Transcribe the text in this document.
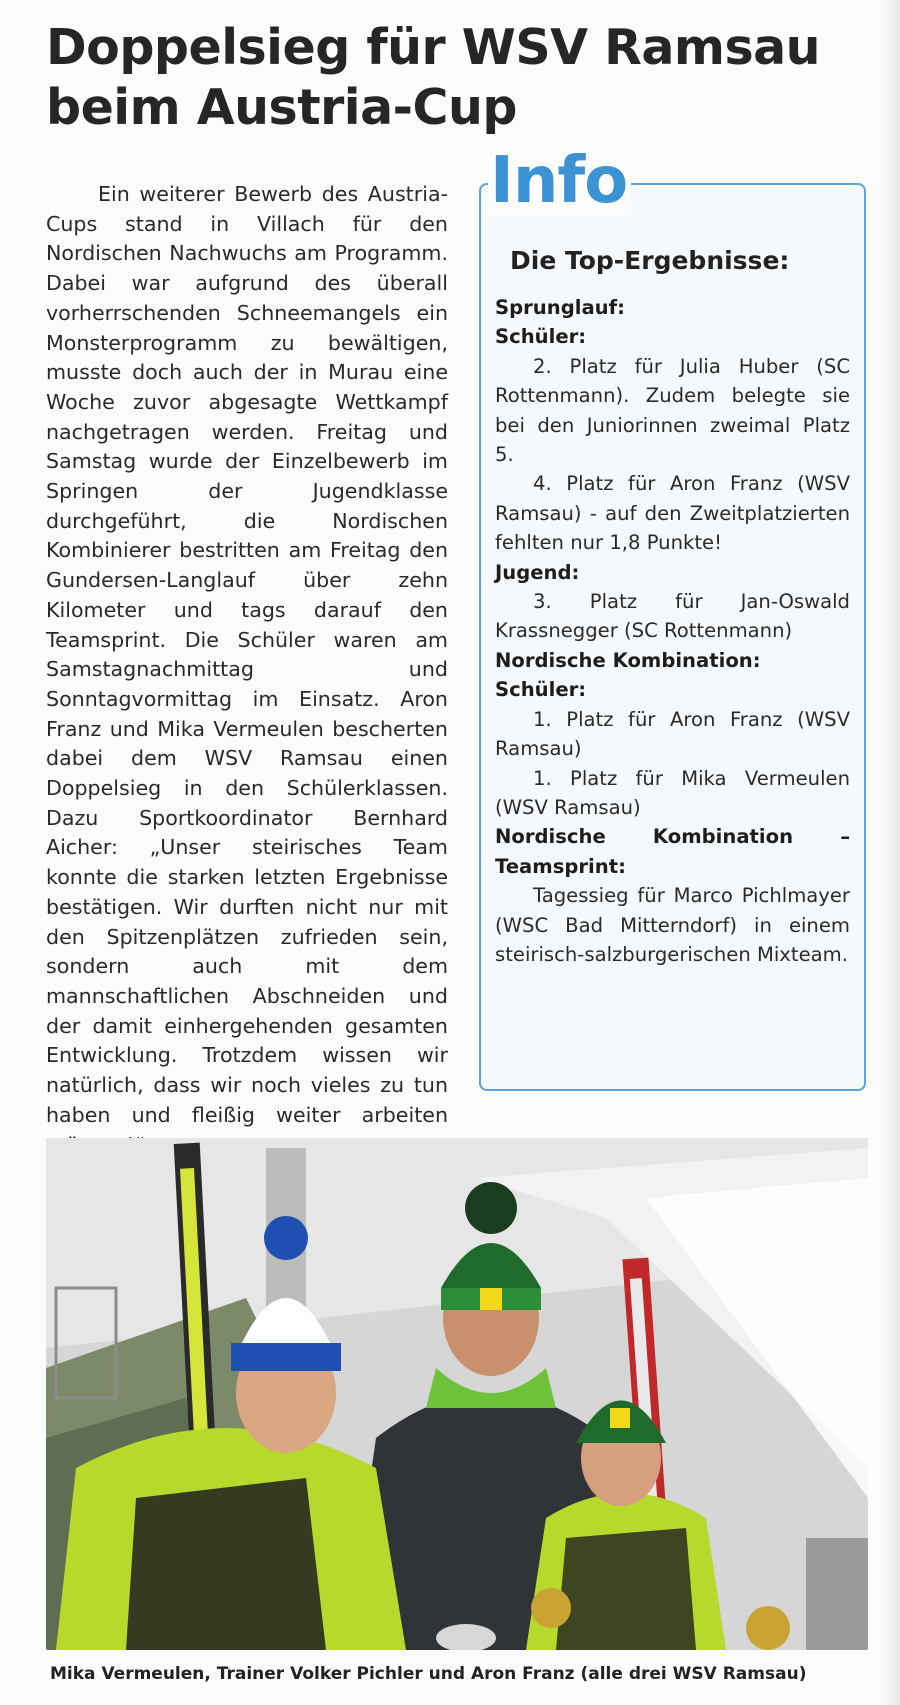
Doppelsieg für WSV Ramsau
beim Austria-Cup

Ein weiterer Bewerb des Austria-Cups stand in Villach für den Nordischen Nachwuchs am Programm. Dabei war aufgrund des überall vorherrschenden Schneemangels ein Monsterprogramm zu bewältigen, musste doch auch der in Murau eine Woche zuvor abgesagte Wettkampf nachgetragen werden. Freitag und Samstag wurde der Einzelbewerb im Springen der Jugendklasse durchgeführt, die Nordischen Kombinierer bestritten am Freitag den Gundersen-Langlauf über zehn Kilometer und tags darauf den Teamsprint. Die Schüler waren am Samstagnachmittag und Sonntagvormittag im Einsatz. Aron Franz und Mika Vermeulen bescherten dabei dem WSV Ramsau einen Doppelsieg in den Schülerklassen. Dazu Sportkoordinator Bernhard Aicher: „Unser steirisches Team konnte die starken letzten Ergebnisse bestätigen. Wir durften nicht nur mit den Spitzenplätzen zufrieden sein, sondern auch mit dem mannschaftlichen Abschneiden und der damit einhergehenden gesamten Entwicklung. Trotzdem wissen wir natürlich, dass wir noch vieles zu tun haben und fleißig weiter arbeiten

Info
Die Top-Ergebnisse:
Sprunglauf:
Schüler:
2. Platz für Julia Huber (SC Rottenmann). Zudem belegte sie bei den Juniorinnen zweimal Platz 5.
4. Platz für Aron Franz (WSV Ramsau) - auf den Zweitplatzierten fehlten nur 1,8 Punkte!
Jugend:
3. Platz für Jan-Oswald Krassnegger (SC Rottenmann)
Nordische Kombination:
Schüler:
1. Platz für Aron Franz (WSV Ramsau)
1. Platz für Mika Vermeulen (WSV Ramsau)
Nordische Kombination – Teamsprint:
Tagessieg für Marco Pichlmayer (WSC Bad Mitterndorf) in einem steirisch-salzburgerischen Mixteam.
Mika Vermeulen, Trainer Volker Pichler und Aron Franz (alle drei WSV Ramsau)
